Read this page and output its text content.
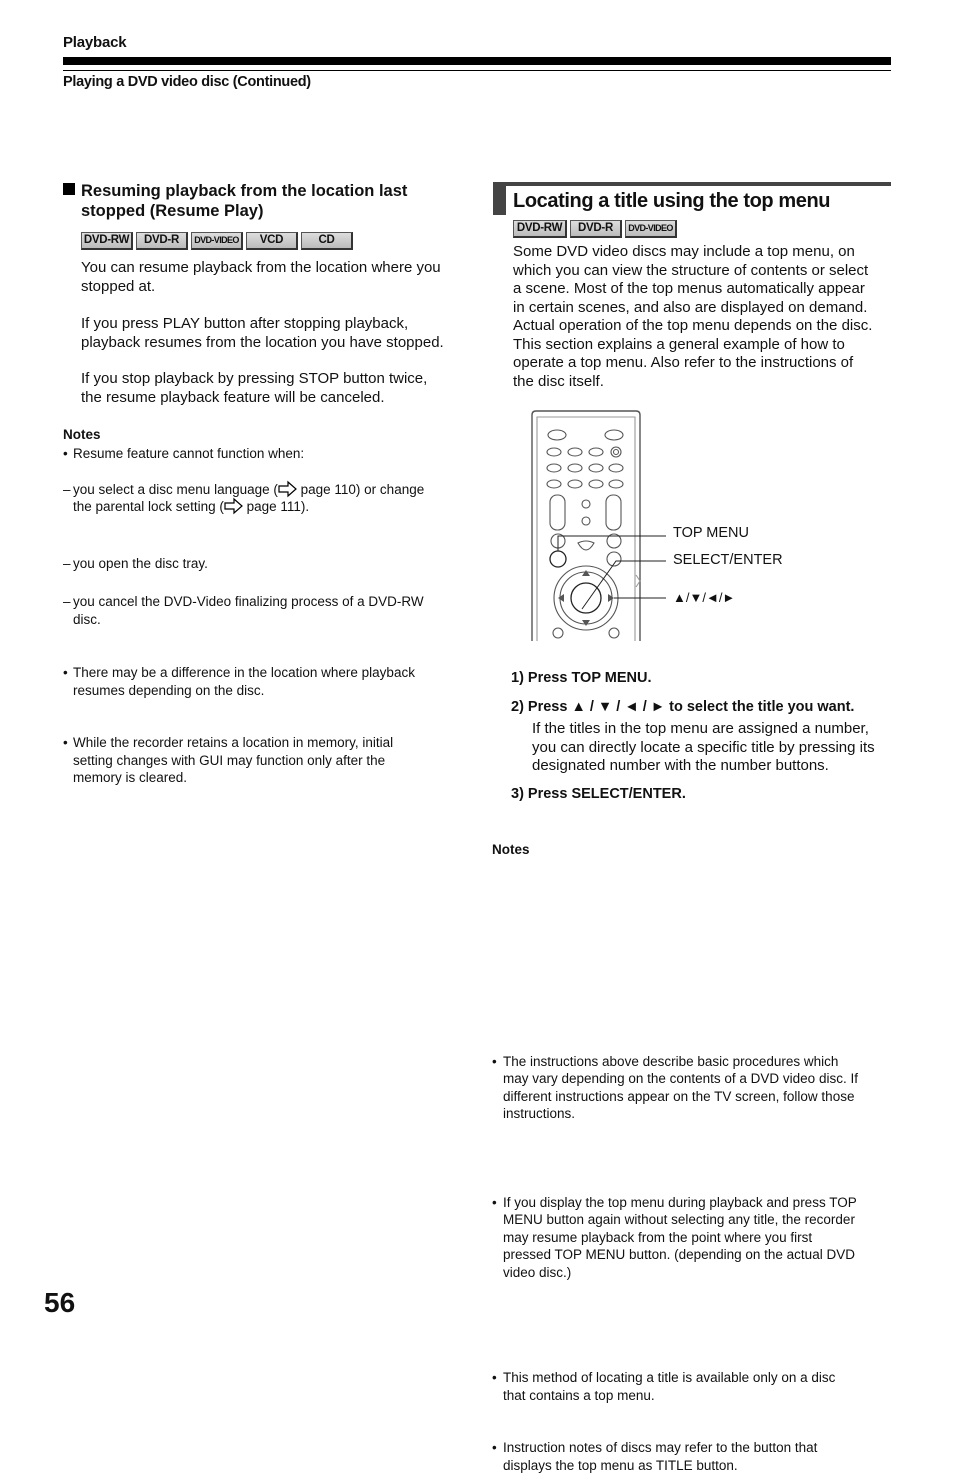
Playback
Playing a DVD video disc (Continued)
Resuming playback from the location last
stopped (Resume Play)
DVD-RW	DVD-R	DVD-VIDEO	VCD	CD
You can resume playback from the location where you
stopped at.
If you press PLAY button after stopping playback,
playback resumes from the location you have stopped.
If you stop playback by pressing STOP button twice,
the resume playback feature will be canceled.
Notes
• Resume feature cannot function when:
– you select a disc menu language ( page 110) or change
the parental lock setting ( page 111).
– you open the disc tray.
– you cancel the DVD-Video finalizing process of a DVD-RW
disc.
• There may be a difference in the location where playback
resumes depending on the disc.
• While the recorder retains a location in memory, initial
setting changes with GUI may function only after the
memory is cleared.
Locating a title using the top menu
DVD-RW	DVD-R	DVD-VIDEO
Some DVD video discs may include a top menu, on
which you can view the structure of contents or select
a scene. Most of the top menus automatically appear
in certain scenes, and also are displayed on demand.
Actual operation of the top menu depends on the disc.
This section explains a general example of how to
operate a top menu. Also refer to the instructions of
the disc itself.
TOP MENU
SELECT/ENTER
▲/▼/◄/►
1) Press TOP MENU.
2) Press ▲ / ▼ / ◄ / ► to select the title you want.
If the titles in the top menu are assigned a number,
you can directly locate a specific title by pressing its
designated number with the number buttons.
3) Press SELECT/ENTER.
Notes
• The instructions above describe basic procedures which
may vary depending on the contents of a DVD video disc. If
different instructions appear on the TV screen, follow those
instructions.
• If you display the top menu during playback and press TOP
MENU button again without selecting any title, the recorder
may resume playback from the point where you first
pressed TOP MENU button. (depending on the actual DVD
video disc.)
• This method of locating a title is available only on a disc
that contains a top menu.
• Instruction notes of discs may refer to the button that
displays the top menu as TITLE button.
56
